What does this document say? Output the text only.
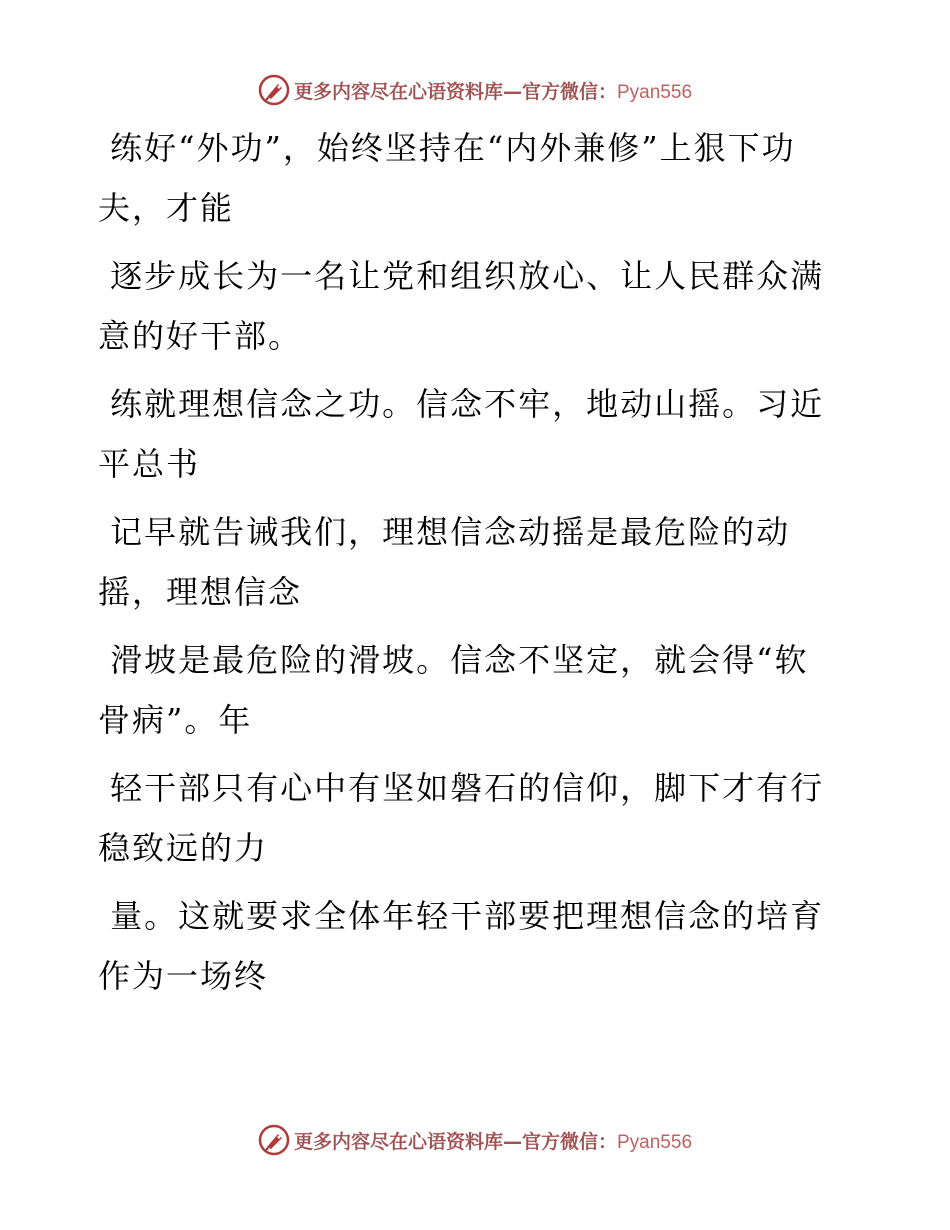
更多内容尽在心语资料库—官方微信：Pyan556

练好“外功”，始终坚持在“内外兼修”上狠下功夫，才能

逐步成长为一名让党和组织放心、让人民群众满意的好干部。

练就理想信念之功。信念不牢，地动山摇。习近平总书

记早就告诫我们，理想信念动摇是最危险的动摇，理想信念

滑坡是最危险的滑坡。信念不坚定，就会得“软骨病”。年

轻干部只有心中有坚如磐石的信仰，脚下才有行稳致远的力

量。这就要求全体年轻干部要把理想信念的培育作为一场终

更多内容尽在心语资料库—官方微信：Pyan556
